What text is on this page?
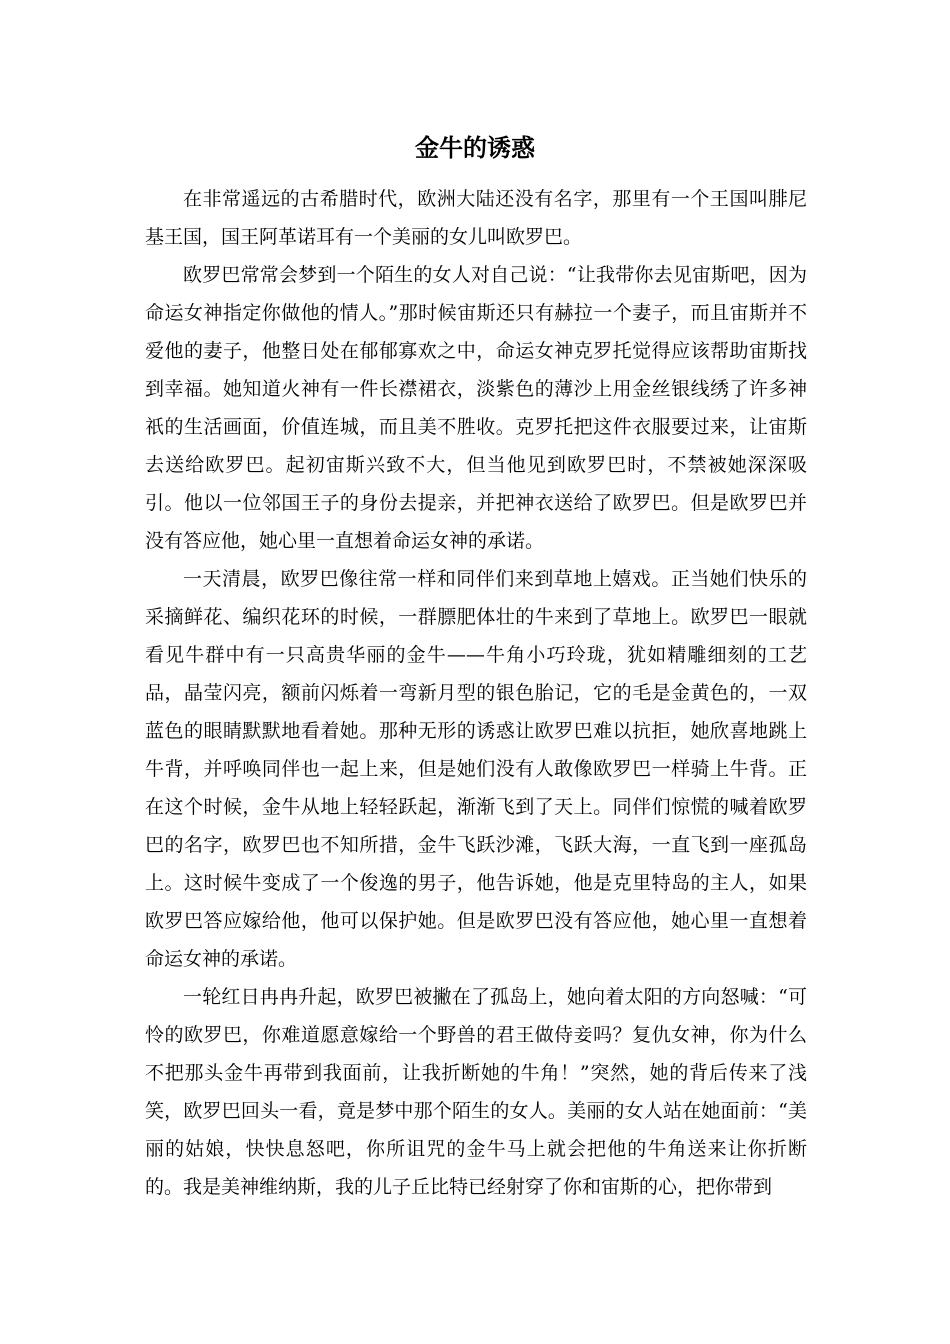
金牛的诱惑

在非常遥远的古希腊时代，欧洲大陆还没有名字，那里有一个王国叫腓尼基王国，国王阿革诺耳有一个美丽的女儿叫欧罗巴。

欧罗巴常常会梦到一个陌生的女人对自己说：“让我带你去见宙斯吧，因为命运女神指定你做他的情人。”那时候宙斯还只有赫拉一个妻子，而且宙斯并不爱他的妻子，他整日处在郁郁寡欢之中，命运女神克罗托觉得应该帮助宙斯找到幸福。她知道火神有一件长襟裙衣，淡紫色的薄沙上用金丝银线绣了许多神祇的生活画面，价值连城，而且美不胜收。克罗托把这件衣服要过来，让宙斯去送给欧罗巴。起初宙斯兴致不大，但当他见到欧罗巴时，不禁被她深深吸引。他以一位邻国王子的身份去提亲，并把神衣送给了欧罗巴。但是欧罗巴并没有答应他，她心里一直想着命运女神的承诺。

一天清晨，欧罗巴像往常一样和同伴们来到草地上嬉戏。正当她们快乐的采摘鲜花、编织花环的时候，一群膘肥体壮的牛来到了草地上。欧罗巴一眼就看见牛群中有一只高贵华丽的金牛——牛角小巧玲珑，犹如精雕细刻的工艺品，晶莹闪亮，额前闪烁着一弯新月型的银色胎记，它的毛是金黄色的，一双蓝色的眼睛默默地看着她。那种无形的诱惑让欧罗巴难以抗拒，她欣喜地跳上牛背，并呼唤同伴也一起上来，但是她们没有人敢像欧罗巴一样骑上牛背。正在这个时候，金牛从地上轻轻跃起，渐渐飞到了天上。同伴们惊慌的喊着欧罗巴的名字，欧罗巴也不知所措，金牛飞跃沙滩，飞跃大海，一直飞到一座孤岛上。这时候牛变成了一个俊逸的男子，他告诉她，他是克里特岛的主人，如果欧罗巴答应嫁给他，他可以保护她。但是欧罗巴没有答应他，她心里一直想着命运女神的承诺。

一轮红日冉冉升起，欧罗巴被撇在了孤岛上，她向着太阳的方向怒喊：“可怜的欧罗巴，你难道愿意嫁给一个野兽的君王做侍妾吗？复仇女神，你为什么不把那头金牛再带到我面前，让我折断她的牛角！”突然，她的背后传来了浅笑，欧罗巴回头一看，竟是梦中那个陌生的女人。美丽的女人站在她面前：“美丽的姑娘，快快息怒吧，你所诅咒的金牛马上就会把他的牛角送来让你折断的。我是美神维纳斯，我的儿子丘比特已经射穿了你和宙斯的心，把你带到
